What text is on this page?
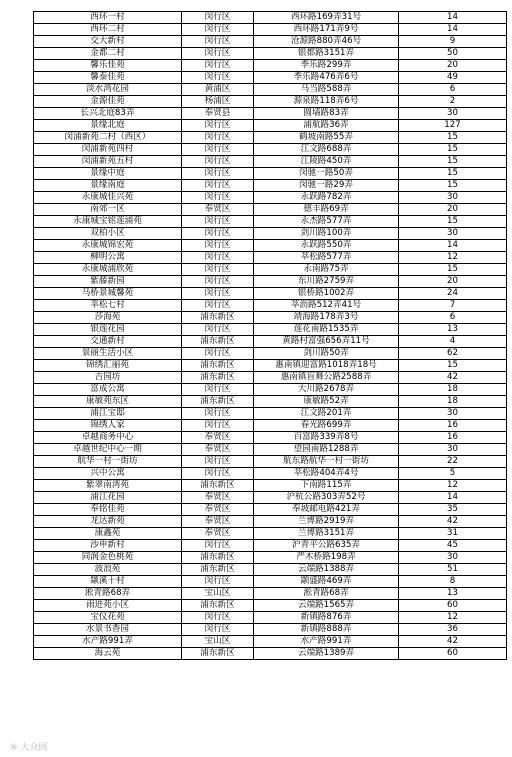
西环一村	闵行区	西环路169弄31号	14
西环二村	闵行区	西环路171弄9号	14
交大新村	闵行区	沧源路880弄46号	9
金都二村	闵行区	银都路3151弄	50
馨乐佳苑	闵行区	季乐路299弄	20
馨泰佳苑	闵行区	季乐路476弄6号	49
淡水湾花园	黄浦区	马当路588弄	6
金源佳苑	杨浦区	源泉路118弄6号	2
长兴北庭83弄	奉贤县	圆墙路83弄	30
景缘北庭	闵行区	浦航路36弄	127
闵浦新苑二村（西区）	闵行区	鹤坡南路55弄	15
闵浦新苑四村	闵行区	江文路688弄	15
闵浦新苑五村	闵行区	江陵路450弄	15
景缘中庭	闵行区	闵驰一路50弄	15
景缘南庭	闵行区	闵驰一路29弄	15
永康城佳兴苑	闵行区	永跃路782弄	30
南郊一区	奉贤区	德丰路69弄	20
永康城宝铭莲浦苑	闵行区	永杰路577弄	15
双柏小区	闵行区	剑川路100弄	30
永康城锦宏苑	闵行区	永跃路550弄	14
柳明公寓	闵行区	莘松路577弄	12
永康城浦欣苑	闵行区	永南路75弄	15
紫藤新园	闵行区	东川路2759弄	20
马桥景城馨苑	闵行区	银桥路1002弄	24
莘松七村	闵行区	莘沥路512弄41号	7
莎海苑	浦东新区	靖海路178弄3号	6
银莲花园	闵行区	莲花南路1535弄	13
交通新村	浦东新区	黄路村富强656弄11号	4
景丽生活小区	闵行区	剑川路50弄	62
锦绣汇丽苑	浦东新区	惠南镇迎富路1018弄18号	15
吉园坊	浦东新区	惠南镇盲舞公路2588弄	42
富成公寓	闵行区	大川路2678弄	18
康敏苑东区	浦东新区	康敏路52弄	18
浦江宝邸	闵行区	江文路201弄	30
锦绣人家	闵行区	春光路699弄	16
卓越商务中心	奉贤区	百富路339弄8号	16
卓越世纪中心一期	奉贤区	望园南路1288弄	30
航华一村一街坊	闵行区	航东路航华一村一街坊	22
兴中公寓	闵行区	莘松路404弄4号	5
紫翠南湾苑	浦东新区	下南路115弄	12
浦江花园	奉贤区	沪杭公路303弄52号	14
奉铭佳苑	奉贤区	奉坡邮电路421弄	35
龙达新苑	奉贤区	兰博路2919弄	42
康鑫苑	奉贤区	兰博路3151弄	31
沙申新村	闵行区	沪青平公路635弄	45
同润金色桃苑	浦东新区	严木桥路198弄	30
波浪苑	浦东新区	云端路1388弄	51
颛溪十村	闵行区	颛盛路469弄	8
淞青路68弄	宝山区	淞青路68弄	13
雨进苑小区	浦东新区	云端路1565弄	60
宝仪花苑	闵行区	新镇路876弄	12
水景书香园	闵行区	新镇路888弄	36
水产路991弄	宝山区	水产路991弄	42
海云苑	浦东新区	云端路1389弄	60
※ 大众网
